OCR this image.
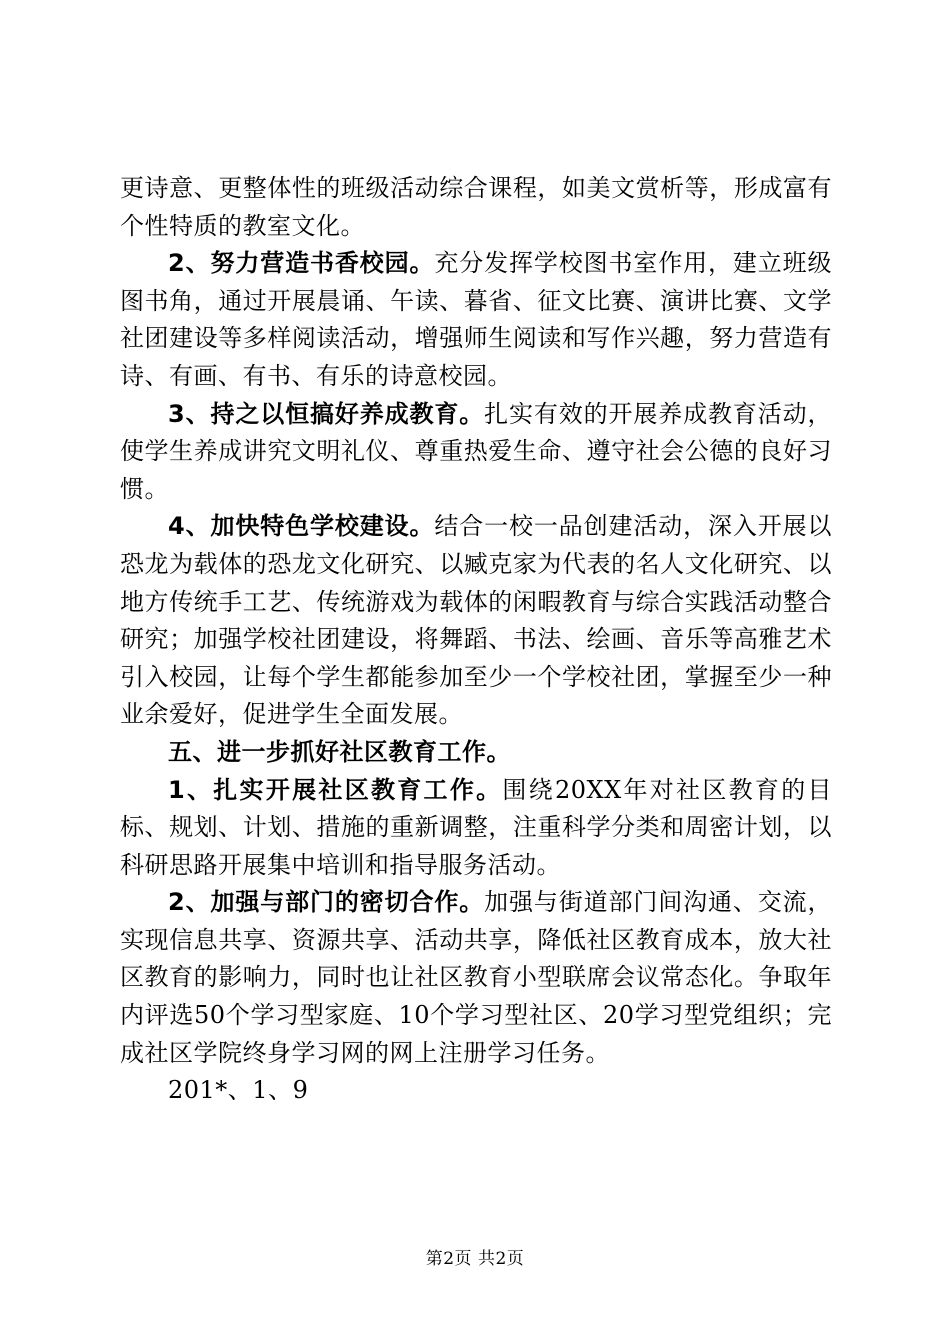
更诗意、更整体性的班级活动综合课程，如美文赏析等，形成富有个性特质的教室文化。

2、努力营造书香校园。充分发挥学校图书室作用，建立班级图书角，通过开展晨诵、午读、暮省、征文比赛、演讲比赛、文学社团建设等多样阅读活动，增强师生阅读和写作兴趣，努力营造有诗、有画、有书、有乐的诗意校园。

3、持之以恒搞好养成教育。扎实有效的开展养成教育活动，使学生养成讲究文明礼仪、尊重热爱生命、遵守社会公德的良好习惯。

4、加快特色学校建设。结合一校一品创建活动，深入开展以恐龙为载体的恐龙文化研究、以臧克家为代表的名人文化研究、以地方传统手工艺、传统游戏为载体的闲暇教育与综合实践活动整合研究；加强学校社团建设，将舞蹈、书法、绘画、音乐等高雅艺术引入校园，让每个学生都能参加至少一个学校社团，掌握至少一种业余爱好，促进学生全面发展。

五、进一步抓好社区教育工作。

1、扎实开展社区教育工作。围绕20XX年对社区教育的目标、规划、计划、措施的重新调整，注重科学分类和周密计划，以科研思路开展集中培训和指导服务活动。

2、加强与部门的密切合作。加强与街道部门间沟通、交流，实现信息共享、资源共享、活动共享，降低社区教育成本，放大社区教育的影响力，同时也让社区教育小型联席会议常态化。争取年内评选50个学习型家庭、10个学习型社区、20学习型党组织；完成社区学院终身学习网的网上注册学习任务。

201*、1、9

第2页 共2页
